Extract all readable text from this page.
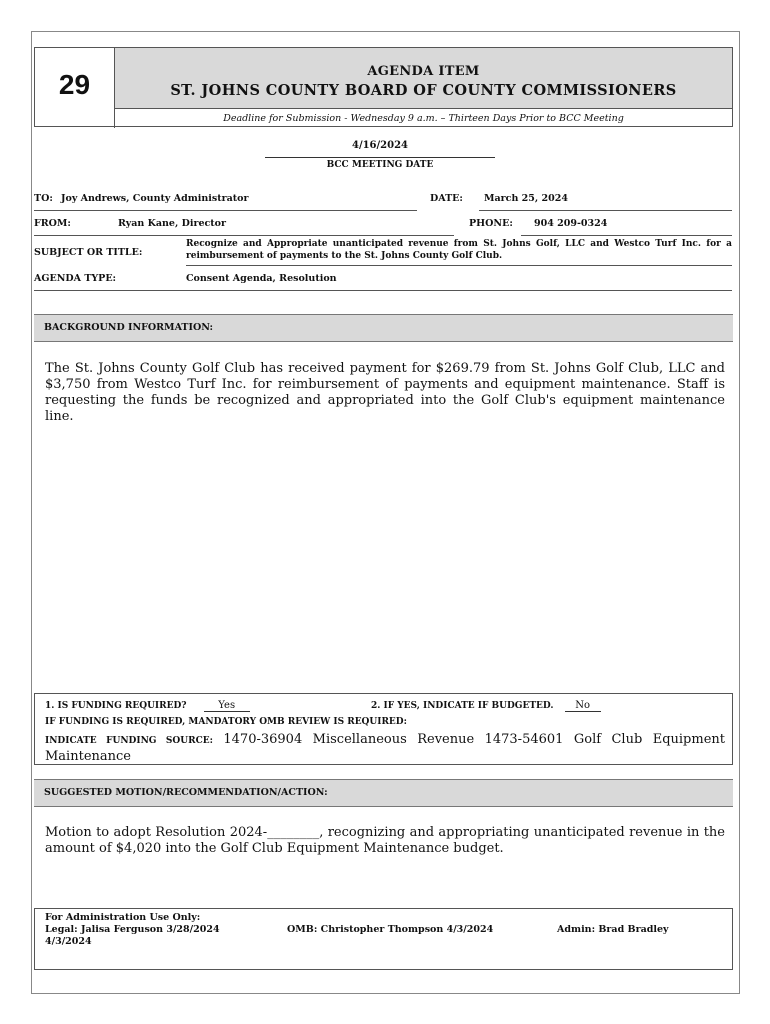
29	AGENDA ITEM
ST. JOHNS COUNTY BOARD OF COUNTY COMMISSIONERS
Deadline for Submission - Wednesday 9 a.m. – Thirteen Days Prior to BCC Meeting
4/16/2024
BCC MEETING DATE
TO: Joy Andrews, County Administrator	DATE: March 25, 2024
FROM:	Ryan Kane, Director	PHONE: 904 209-0324
SUBJECT OR TITLE:
Recognize and Appropriate unanticipated revenue from St. Johns Golf, LLC and Westco Turf Inc. for a reimbursement of payments to the St. Johns County Golf Club.
AGENDA TYPE:	Consent Agenda, Resolution
BACKGROUND INFORMATION:
The St. Johns County Golf Club has received payment for $269.79 from St. Johns Golf Club, LLC and $3,750 from Westco Turf Inc. for reimbursement of payments and equipment maintenance. Staff is requesting the funds be recognized and appropriated into the Golf Club's equipment maintenance line.
1. IS FUNDING REQUIRED?	Yes	2. IF YES, INDICATE IF BUDGETED. No
IF FUNDING IS REQUIRED, MANDATORY OMB REVIEW IS REQUIRED:
INDICATE FUNDING SOURCE: 1470-36904 Miscellaneous Revenue 1473-54601 Golf Club Equipment Maintenance
SUGGESTED MOTION/RECOMMENDATION/ACTION:
Motion to adopt Resolution 2024-________, recognizing and appropriating unanticipated revenue in the amount of $4,020 into the Golf Club Equipment Maintenance budget.
For Administration Use Only:
Legal: Jalisa Ferguson 3/28/2024
4/3/2024
OMB: Christopher Thompson 4/3/2024	Admin: Brad Bradley
